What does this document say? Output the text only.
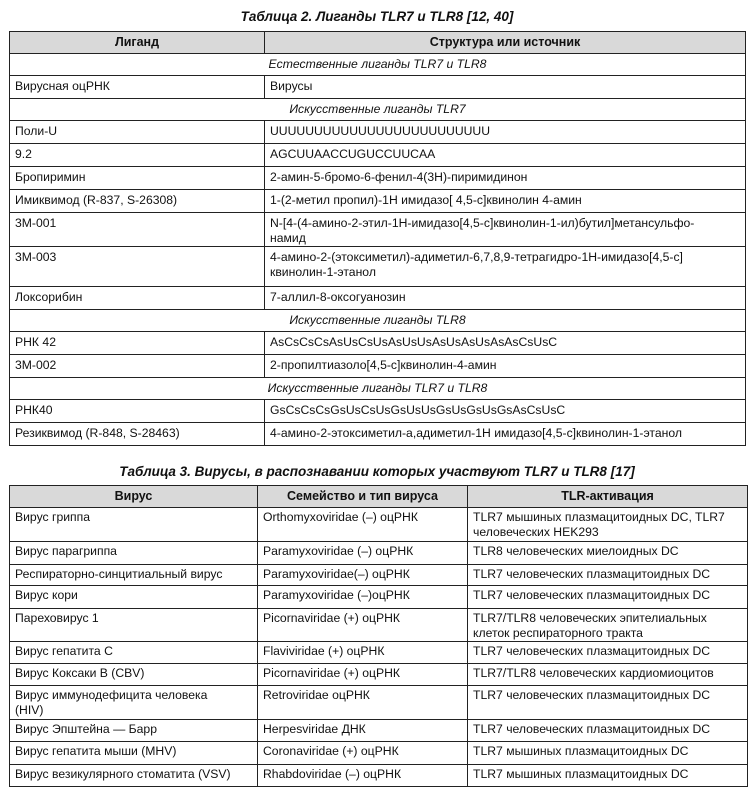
Таблица 2. Лиганды TLR7 и TLR8 [12, 40]
Лиганд	Структура или источник
Естественные лиганды TLR7 и TLR8	
Вирусная оцРНК	Вирусы
Искусственные лиганды TLR7	
Поли-U	UUUUUUUUUUUUUUUUUUUUUUUUU
9.2	AGCUUAACCUGUCCUUCAA
Бропиримин	2-амин-5-бромо-6-фенил-4(3Н)-пиримидинон
Имиквимод (R-837, S-26308)	1-(2-метил пропил)-1Н имидазо[ 4,5-с]квинолин 4-амин
3M-001	N-[4-(4-амино-2-этил-1Н-имидазо[4,5-с]квинолин-1-ил)бутил]метансульфо-
намид
3M-003	4-амино-2-(этоксиметил)-адиметил-6,7,8,9-тетрагидро-1Н-имидазо[4,5-с]
квинолин-1-этанол
Локсорибин	7-аллил-8-оксогуанозин
Искусственные лиганды TLR8	
РНК 42	AsCsCsCsAsUsCsUsAsUsUsAsUsAsUsAsAsCsUsC
3M-002	2-пропилтиазоло[4,5-с]квинолин-4-амин
Искусственные лиганды TLR7 и TLR8	
РНК40	GsCsCsCsGsUsCsUsGsUsUsGsUsGsUsGsAsCsUsC
Резиквимод (R-848, S-28463)	4-амино-2-этоксиметил-а,адиметил-1Н имидазо[4,5-с]квинолин-1-этанол
Таблица 3. Вирусы, в распознавании которых участвуют TLR7 и TLR8 [17]
Вирус	Семейство и тип вируса	TLR-активация
Вирус гриппа	Orthomyxoviridae (–) оцРНК	TLR7 мышиных плазмацитоидных DC, TLR7
человеческих HEK293
Вирус парагриппа	Paramyxoviridae (–) оцРНК	TLR8 человеческих миелоидных DC
Респираторно-синцитиальный вирус	Paramyxoviridae(–) оцРНК	TLR7 человеческих плазмацитоидных DC
Вирус кори	Paramyxoviridae (–)оцРНК	TLR7 человеческих плазмацитоидных DC
Пареховирус 1	Picornaviridae (+) оцРНК	TLR7/TLR8 человеческих эпителиальных
клеток респираторного тракта
Вирус гепатита С	Flaviviridae (+) оцРНК	TLR7 человеческих плазмацитоидных DC
Вирус Коксаки В (CBV)	Picornaviridae (+) оцРНК	TLR7/TLR8 человеческих кардиомиоцитов
Вирус иммунодефицита человека
(HIV)	Retroviridae оцРНК	TLR7 человеческих плазмацитоидных DC
Вирус Эпштейна — Барр	Herpesviridae ДНК	TLR7 человеческих плазмацитоидных DC
Вирус гепатита мыши (MHV)	Coronaviridae (+) оцРНК	TLR7 мышиных плазмацитоидных DC
Вирус везикулярного стоматита (VSV)	Rhabdoviridae (–) оцРНК	TLR7 мышиных плазмацитоидных DC
